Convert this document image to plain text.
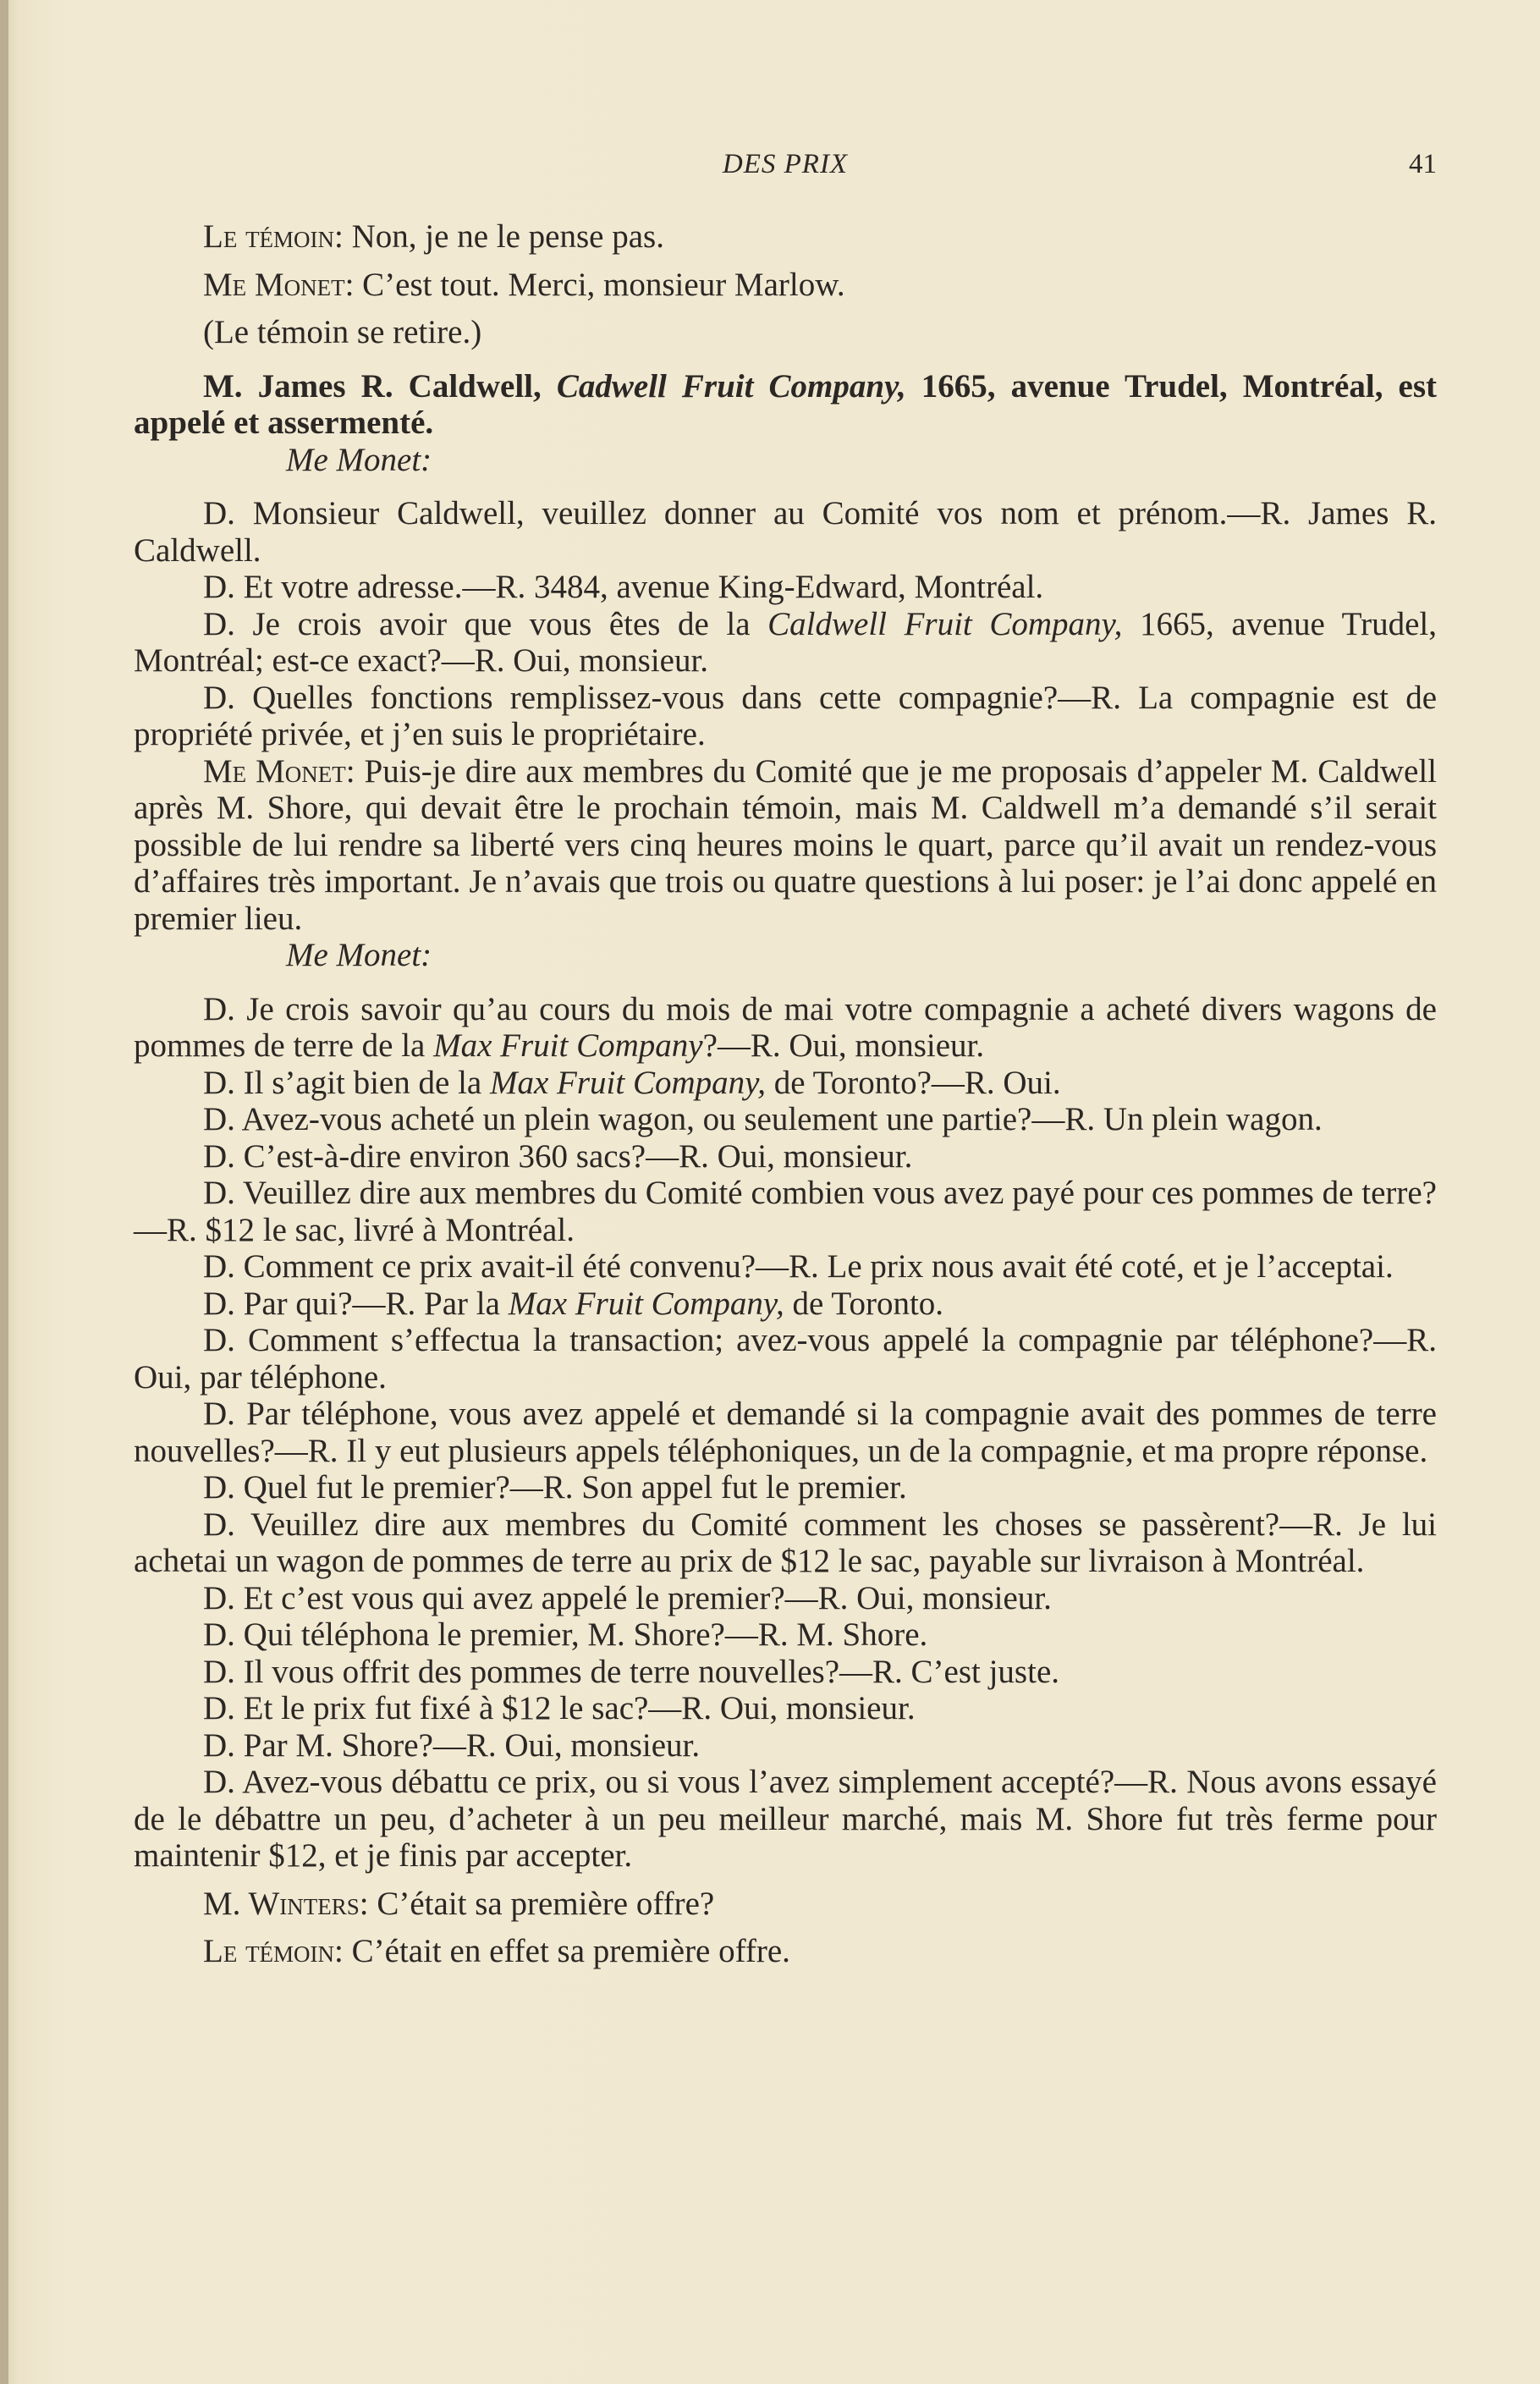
DES PRIX	41

Le témoin: Non, je ne le pense pas.

Me Monet: C’est tout. Merci, monsieur Marlow.

(Le témoin se retire.)

M. James R. Caldwell, Cadwell Fruit Company, 1665, avenue Trudel, Montréal, est appelé et assermenté.

Me Monet:

D. Monsieur Caldwell, veuillez donner au Comité vos nom et prénom.—R. James R. Caldwell.

D. Et votre adresse.—R. 3484, avenue King-Edward, Montréal.

D. Je crois avoir que vous êtes de la Caldwell Fruit Company, 1665, avenue Trudel, Montréal; est-ce exact?—R. Oui, monsieur.

D. Quelles fonctions remplissez-vous dans cette compagnie?—R. La compagnie est de propriété privée, et j’en suis le propriétaire.

Me Monet: Puis-je dire aux membres du Comité que je me proposais d’appeler M. Caldwell après M. Shore, qui devait être le prochain témoin, mais M. Caldwell m’a demandé s’il serait possible de lui rendre sa liberté vers cinq heures moins le quart, parce qu’il avait un rendez-vous d’affaires très important. Je n’avais que trois ou quatre questions à lui poser: je l’ai donc appelé en premier lieu.

Me Monet:

D. Je crois savoir qu’au cours du mois de mai votre compagnie a acheté divers wagons de pommes de terre de la Max Fruit Company?—R. Oui, monsieur.

D. Il s’agit bien de la Max Fruit Company, de Toronto?—R. Oui.

D. Avez-vous acheté un plein wagon, ou seulement une partie?—R. Un plein wagon.

D. C’est-à-dire environ 360 sacs?—R. Oui, monsieur.

D. Veuillez dire aux membres du Comité combien vous avez payé pour ces pommes de terre?—R. $12 le sac, livré à Montréal.

D. Comment ce prix avait-il été convenu?—R. Le prix nous avait été coté, et je l’acceptai.

D. Par qui?—R. Par la Max Fruit Company, de Toronto.

D. Comment s’effectua la transaction; avez-vous appelé la compagnie par téléphone?—R. Oui, par téléphone.

D. Par téléphone, vous avez appelé et demandé si la compagnie avait des pommes de terre nouvelles?—R. Il y eut plusieurs appels téléphoniques, un de la compagnie, et ma propre réponse.

D. Quel fut le premier?—R. Son appel fut le premier.

D. Veuillez dire aux membres du Comité comment les choses se passèrent?—R. Je lui achetai un wagon de pommes de terre au prix de $12 le sac, payable sur livraison à Montréal.

D. Et c’est vous qui avez appelé le premier?—R. Oui, monsieur.

D. Qui téléphona le premier, M. Shore?—R. M. Shore.

D. Il vous offrit des pommes de terre nouvelles?—R. C’est juste.

D. Et le prix fut fixé à $12 le sac?—R. Oui, monsieur.

D. Par M. Shore?—R. Oui, monsieur.

D. Avez-vous débattu ce prix, ou si vous l’avez simplement accepté?—R. Nous avons essayé de le débattre un peu, d’acheter à un peu meilleur marché, mais M. Shore fut très ferme pour maintenir $12, et je finis par accepter.

M. Winters: C’était sa première offre?

Le témoin: C’était en effet sa première offre.
